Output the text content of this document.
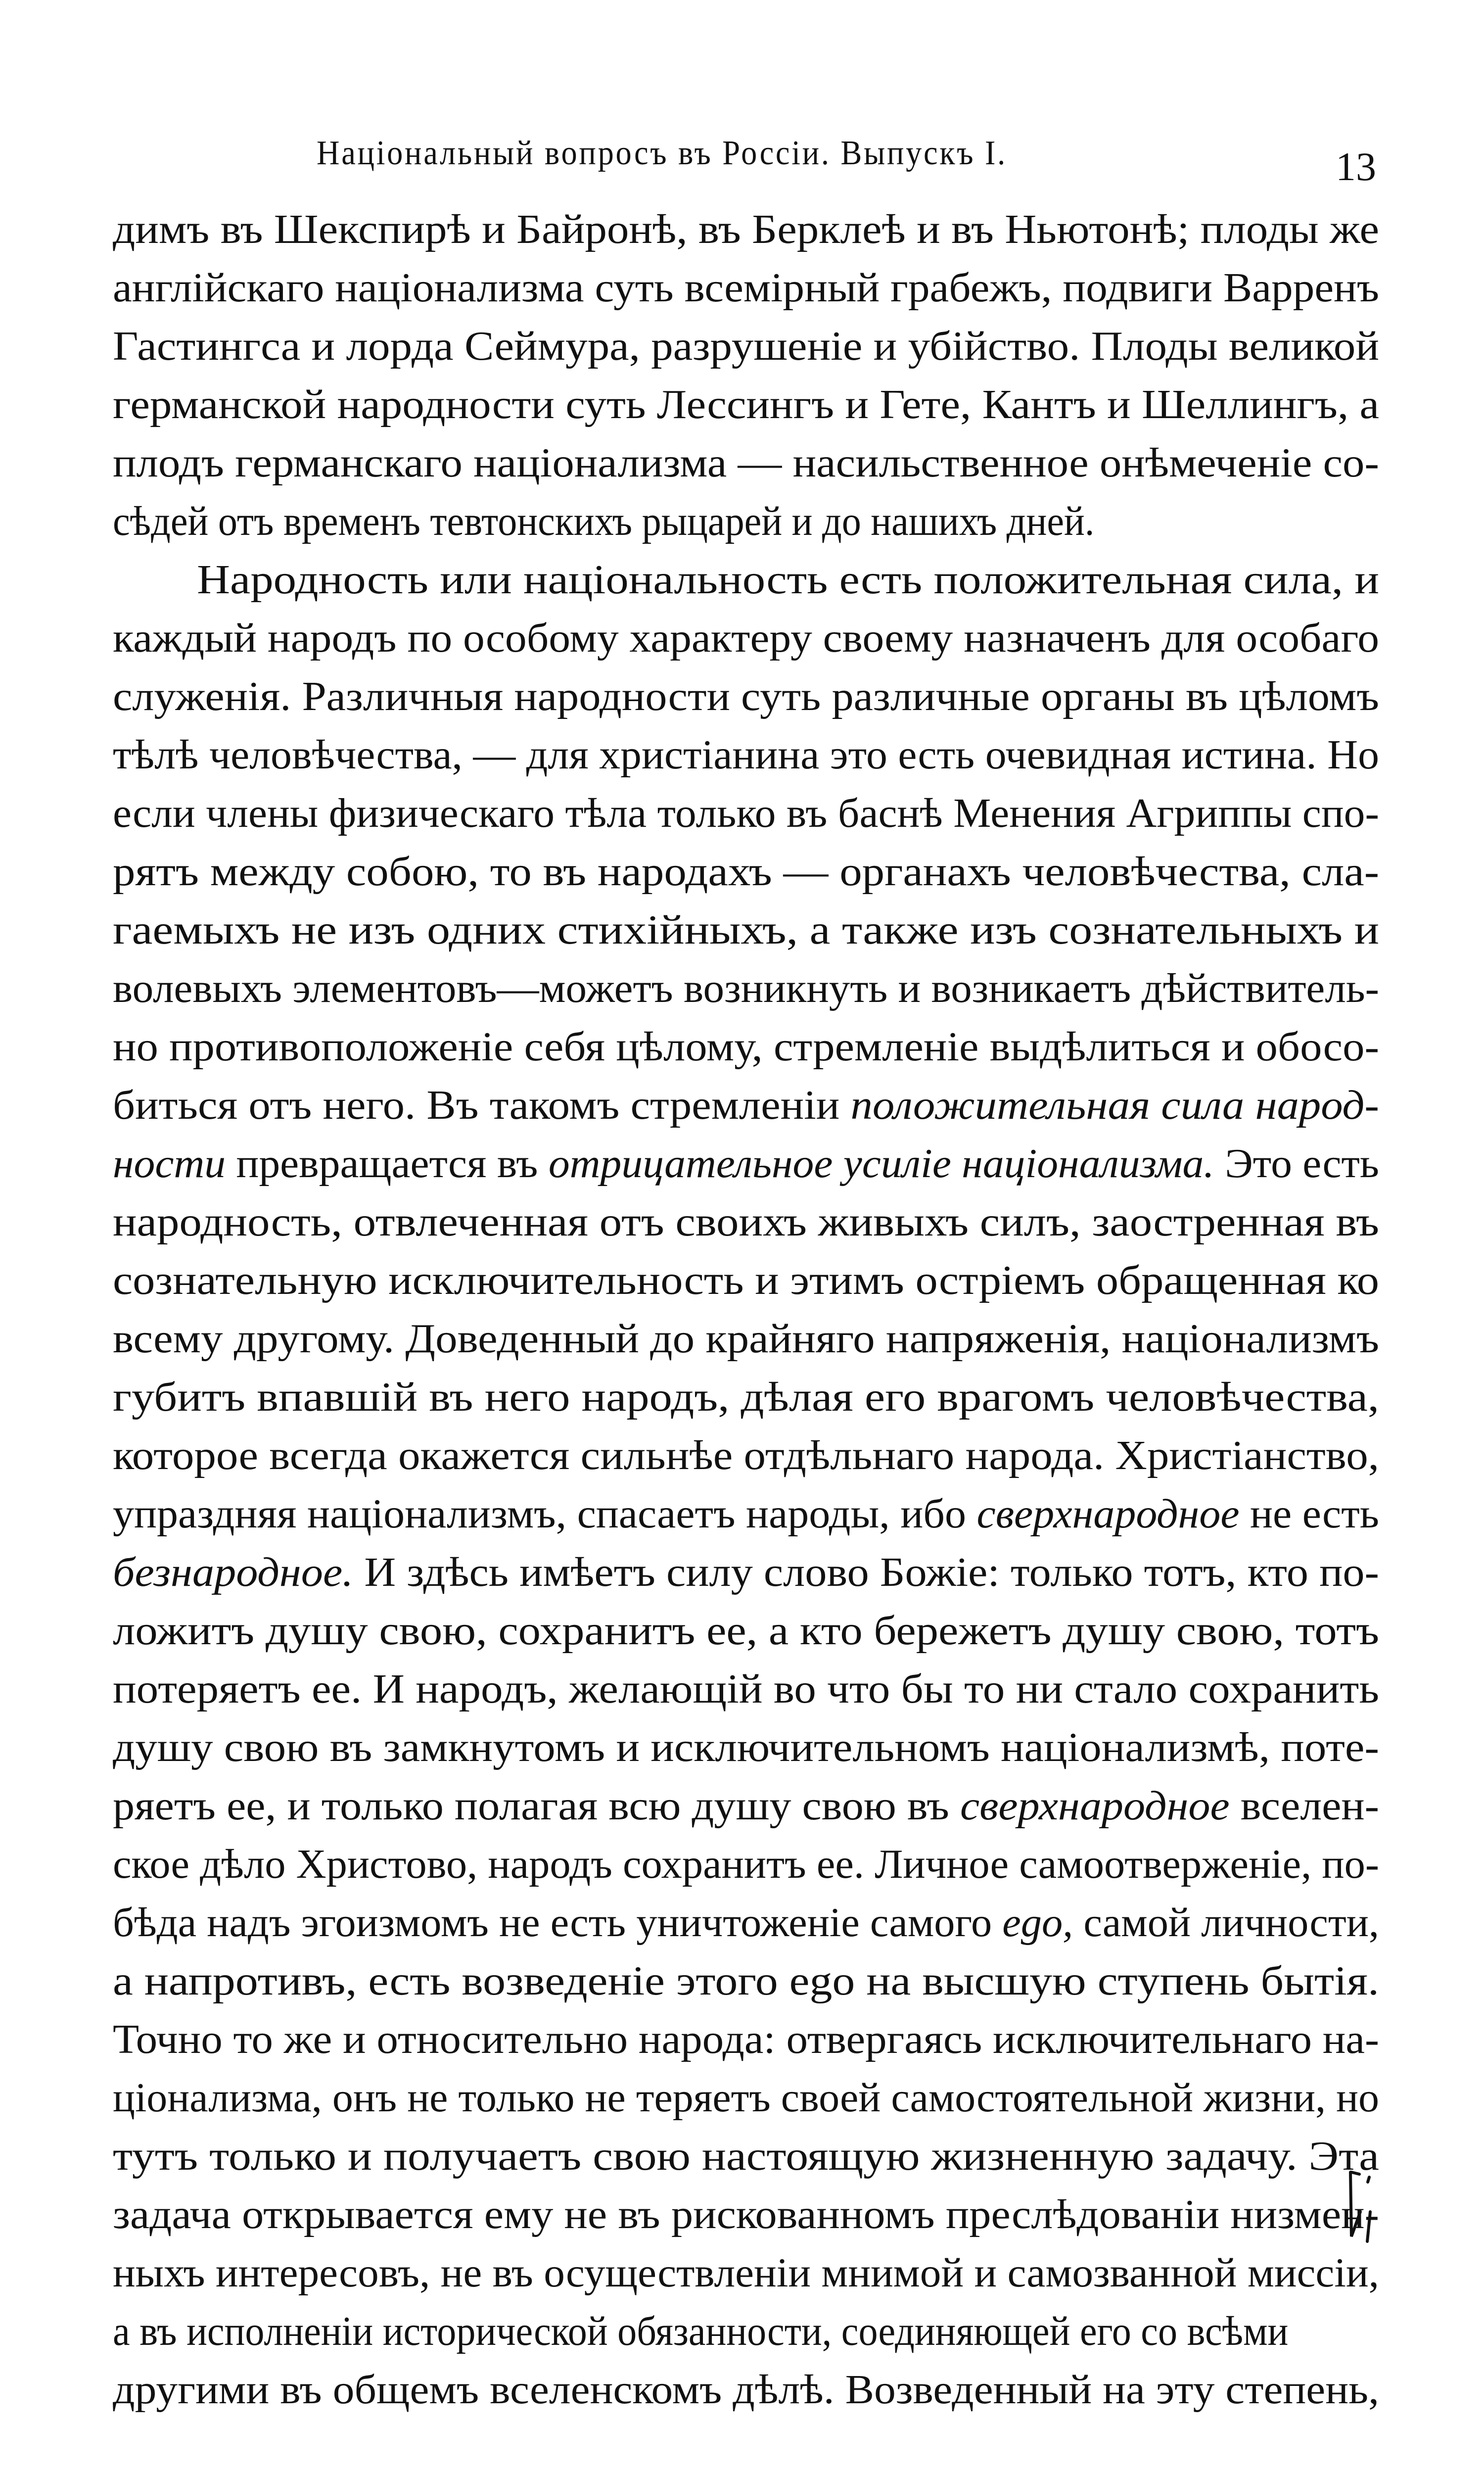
Національный вопросъ въ Россіи. Выпускъ І.	13
димъ въ Шекспирѣ и Байронѣ, въ Берклеѣ и въ Ньютонѣ; плоды же
англійскаго націонализма суть всемірный грабежъ, подвиги Варренъ
Гастингса и лорда Сеймура, разрушеніе и убійство. Плоды великой
германской народности суть Лессингъ и Гете, Кантъ и Шеллингъ, а
плодъ германскаго націонализма — насильственное онѣмеченіе со-
сѣдей отъ временъ тевтонскихъ рыцарей и до нашихъ дней.
Народность или національность есть положительная сила, и
каждый народъ по особому характеру своему назначенъ для особаго
служенія. Различныя народности суть различные органы въ цѣломъ
тѣлѣ человѣчества, — для христіанина это есть очевидная истина. Но
если члены физическаго тѣла только въ баснѣ Менения Агриппы спо-
рятъ между собою, то въ народахъ — органахъ человѣчества, сла-
гаемыхъ не изъ одних стихійныхъ, а также изъ сознательныхъ и
волевыхъ элементовъ—можетъ возникнуть и возникаетъ дѣйствитель-
но противоположеніе себя цѣлому, стремленіе выдѣлиться и обосо-
биться отъ него. Въ такомъ стремленіи положительная сила народ-
ности превращается въ отрицательное усиліе націонализма. Это есть
народность, отвлеченная отъ своихъ живыхъ силъ, заостренная въ
сознательную исключительность и этимъ остріемъ обращенная ко
всему другому. Доведенный до крайняго напряженія, націонализмъ
губитъ впавшій въ него народъ, дѣлая его врагомъ человѣчества,
которое всегда окажется сильнѣе отдѣльнаго народа. Христіанство,
упраздняя націонализмъ, спасаетъ народы, ибо сверхнародное не есть
безнародное. И здѣсь имѣетъ силу слово Божіе: только тотъ, кто по-
ложитъ душу свою, сохранитъ ее, а кто бережетъ душу свою, тотъ
потеряетъ ее. И народъ, желающій во что бы то ни стало сохранить
душу свою въ замкнутомъ и исключительномъ націонализмѣ, поте-
ряетъ ее, и только полагая всю душу свою въ сверхнародное вселен-
ское дѣло Христово, народъ сохранитъ ее. Личное самоотверженіе, по-
бѣда надъ эгоизмомъ не есть уничтоженіе самого ego, самой личности,
а напротивъ, есть возведеніе этого ego на высшую ступень бытія.
Точно то же и относительно народа: отвергаясь исключительнаго на-
ціонализма, онъ не только не теряетъ своей самостоятельной жизни, но
тутъ только и получаетъ свою настоящую жизненную задачу. Эта
задача открывается ему не въ рискованномъ преслѣдованіи низмен-
ныхъ интересовъ, не въ осуществленіи мнимой и самозванной миссіи,
а въ исполненіи исторической обязанности, соединяющей его со всѣми
другими въ общемъ вселенскомъ дѣлѣ. Возведенный на эту степень,
